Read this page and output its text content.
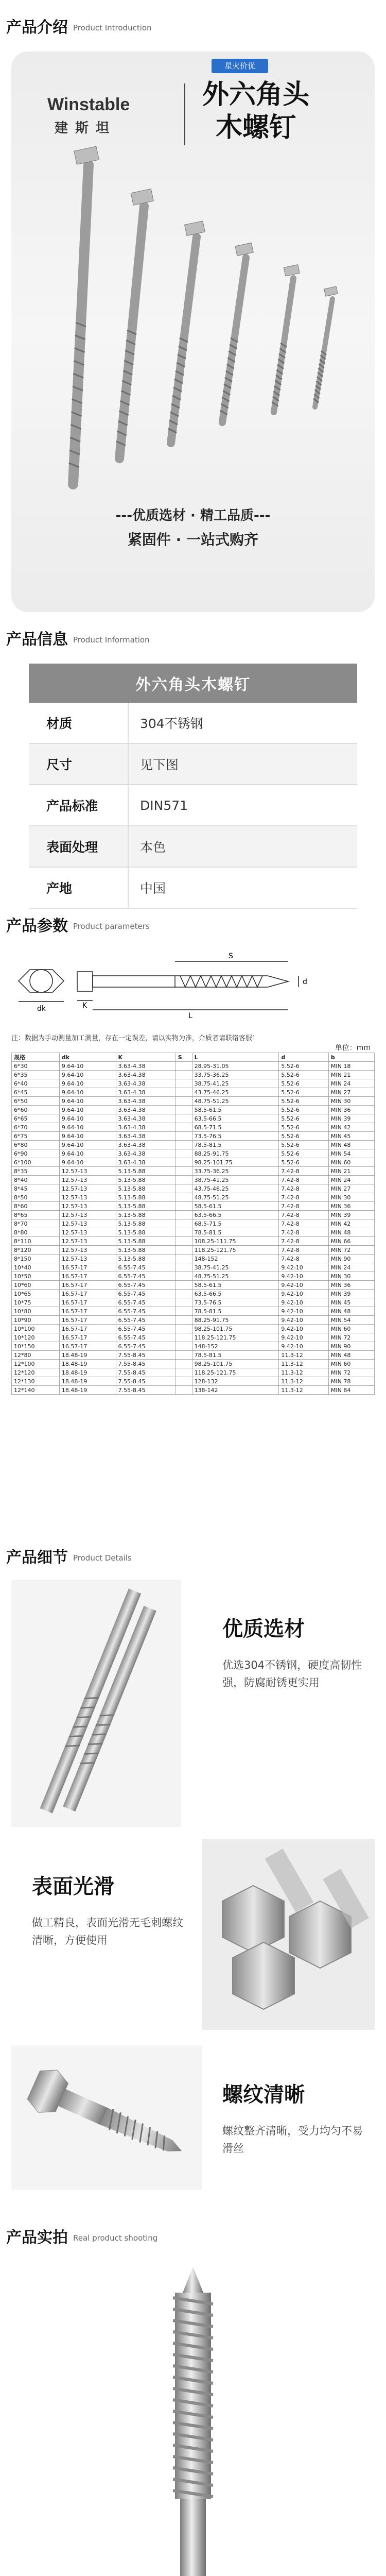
产品介绍 Product Introduction
星火价优
Winstable
建斯坦
外六角头
木螺钉
---优质选材 · 精工品质---
紧固件 · 一站式购齐
产品信息 Product Information
外六角头木螺钉
材质	304不锈钢
尺寸	见下图
产品标准	DIN571
表面处理	本色
产地	中国
产品参数 Product parameters
dk	K
L
S
d
注：数据为手动测量加工测量，存在一定误差，请以实物为准，介质者请联络客服！
单位：mm
规格	dk	K	S	L	d	b
6*30	9.64-10	3.63-4.38		28.95-31.05	5.52-6	MIN 18
6*35	9.64-10	3.63-4.38		33.75-36.25	5.52-6	MIN 21
6*40	9.64-10	3.63-4.38		38.75-41.25	5.52-6	MIN 24
6*45	9.64-10	3.63-4.38		43.75-46.25	5.52-6	MIN 27
6*50	9.64-10	3.63-4.38		48.75-51.25	5.52-6	MIN 30
6*60	9.64-10	3.63-4.38		58.5-61.5	5.52-6	MIN 36
6*65	9.64-10	3.63-4.38		63.5-66.5	5.52-6	MIN 39
6*70	9.64-10	3.63-4.38		68.5-71.5	5.52-6	MIN 42
6*75	9.64-10	3.63-4.38		73.5-76.5	5.52-6	MIN 45
6*80	9.64-10	3.63-4.38		78.5-81.5	5.52-6	MIN 48
6*90	9.64-10	3.63-4.38		88.25-91.75	5.52-6	MIN 54
6*100	9.64-10	3.63-4.38		98.25-101.75	5.52-6	MIN 60
8*35	12.57-13	5.13-5.88		33.75-36.25	7.42-8	MIN 21
8*40	12.57-13	5.13-5.88		38.75-41.25	7.42-8	MIN 24
8*45	12.57-13	5.13-5.88		43.75-46.25	7.42-8	MIN 27
8*50	12.57-13	5.13-5.88		48.75-51.25	7.42-8	MIN 30
8*60	12.57-13	5.13-5.88		58.5-61.5	7.42-8	MIN 36
8*65	12.57-13	5.13-5.88		63.5-66.5	7.42-8	MIN 39
8*70	12.57-13	5.13-5.88		68.5-71.5	7.42-8	MIN 42
8*80	12.57-13	5.13-5.88		78.5-81.5	7.42-8	MIN 48
8*110	12.57-13	5.13-5.88		108.25-111.75	7.42-8	MIN 66
8*120	12.57-13	5.13-5.88		118.25-121.75	7.42-8	MIN 72
8*150	12.57-13	5.13-5.88		148-152	7.42-8	MIN 90
10*40	16.57-17	6.55-7.45		38.75-41.25	9.42-10	MIN 24
10*50	16.57-17	6.55-7.45		48.75-51.25	9.42-10	MIN 30
10*60	16.57-17	6.55-7.45		58.5-61.5	9.42-10	MIN 36
10*65	16.57-17	6.55-7.45		63.5-66.5	9.42-10	MIN 39
10*75	16.57-17	6.55-7.45		73.5-76.5	9.42-10	MIN 45
10*80	16.57-17	6.55-7.45		78.5-81.5	9.42-10	MIN 48
10*90	16.57-17	6.55-7.45		88.25-91.75	9.42-10	MIN 54
10*100	16.57-17	6.55-7.45		98.25-101.75	9.42-10	MIN 60
10*120	16.57-17	6.55-7.45		118.25-121.75	9.42-10	MIN 72
10*150	16.57-17	6.55-7.45		148-152	9.42-10	MIN 90
12*80	18.48-19	7.55-8.45		78.5-81.5	11.3-12	MIN 48
12*100	18.48-19	7.55-8.45		98.25-101.75	11.3-12	MIN 60
12*120	18.48-19	7.55-8.45		118.25-121.75	11.3-12	MIN 72
12*130	18.48-19	7.55-8.45		128-132	11.3-12	MIN 78
12*140	18.48-19	7.55-8.45		138-142	11.3-12	MIN 84
产品细节 Product Details
优质选材
优选304不锈钢，硬度高韧性强，防腐耐锈更实用
表面光滑
做工精良，表面光滑无毛刺螺纹清晰，方便使用
螺纹清晰
螺纹整齐清晰，受力均匀不易滑丝
产品实拍 Real product shooting
